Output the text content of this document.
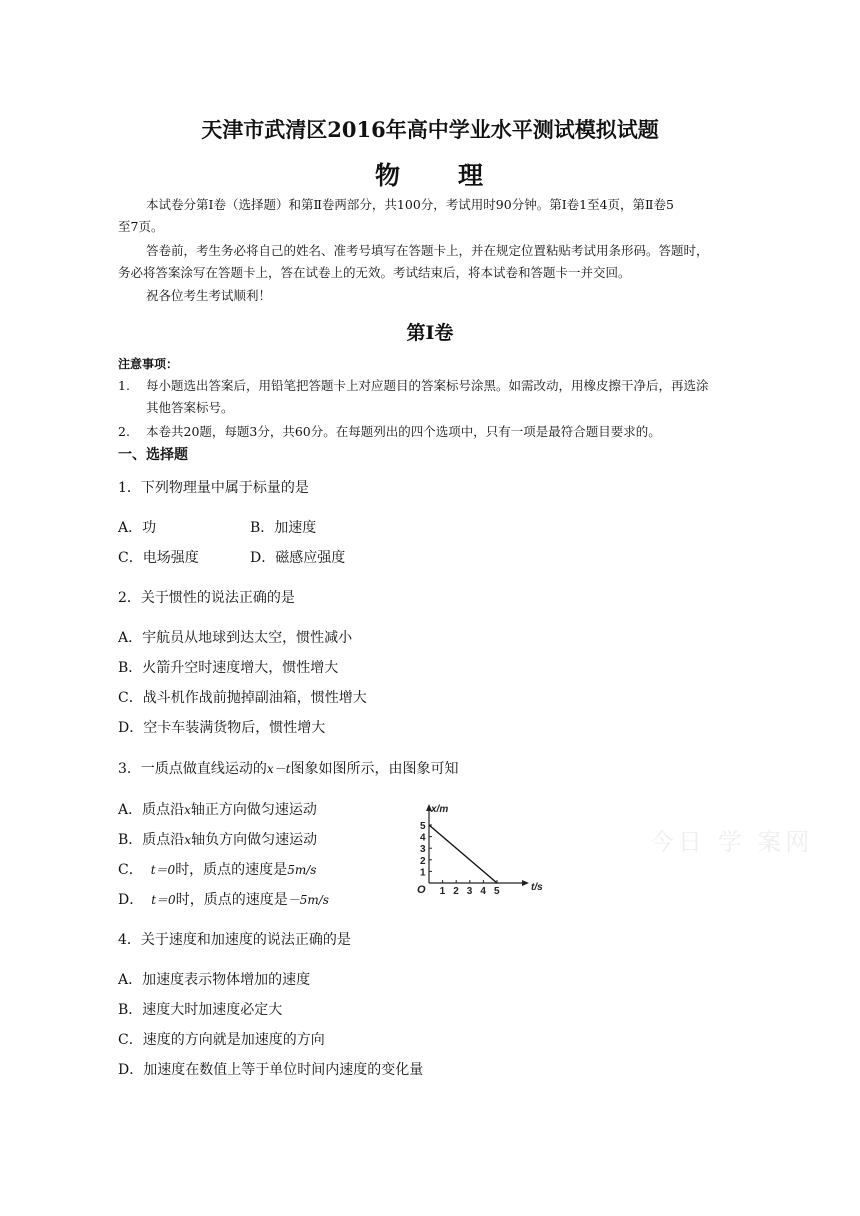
天津市武清区2016年高中学业水平测试模拟试题
物 理
本试卷分第Ⅰ卷（选择题）和第Ⅱ卷两部分，共100分，考试用时90分钟。第Ⅰ卷1至4页，第Ⅱ卷5
至7页。
答卷前，考生务必将自己的姓名、准考号填写在答题卡上，并在规定位置粘贴考试用条形码。答题时，
务必将答案涂写在答题卡上，答在试卷上的无效。考试结束后，将本试卷和答题卡一并交回。
祝各位考生考试顺利！
第Ⅰ卷
注意事项：
1. 每小题选出答案后，用铅笔把答题卡上对应题目的答案标号涂黑。如需改动，用橡皮擦干净后，再选涂
其他答案标号。
2. 本卷共20题，每题3分，共60分。在每题列出的四个选项中，只有一项是最符合题目要求的。
一、选择题
1．下列物理量中属于标量的是
A．功	B．加速度
C．电场强度	D．磁感应强度
2．关于惯性的说法正确的是
A．宇航员从地球到达太空，惯性减小
B．火箭升空时速度增大，惯性增大
C．战斗机作战前抛掉副油箱，惯性增大
D．空卡车装满货物后，惯性增大
3．一质点做直线运动的x－t图象如图所示，由图象可知
A．质点沿x轴正方向做匀速运动
B．质点沿x轴负方向做匀速运动
C． t＝0时，质点的速度是5m/s
D． t＝0时，质点的速度是－5m/s
x/m
t/s
O 1 2 3 4 5
1
2
3
4
5
今日 学 案网
4．关于速度和加速度的说法正确的是
A．加速度表示物体增加的速度
B．速度大时加速度必定大
C．速度的方向就是加速度的方向
D．加速度在数值上等于单位时间内速度的变化量
